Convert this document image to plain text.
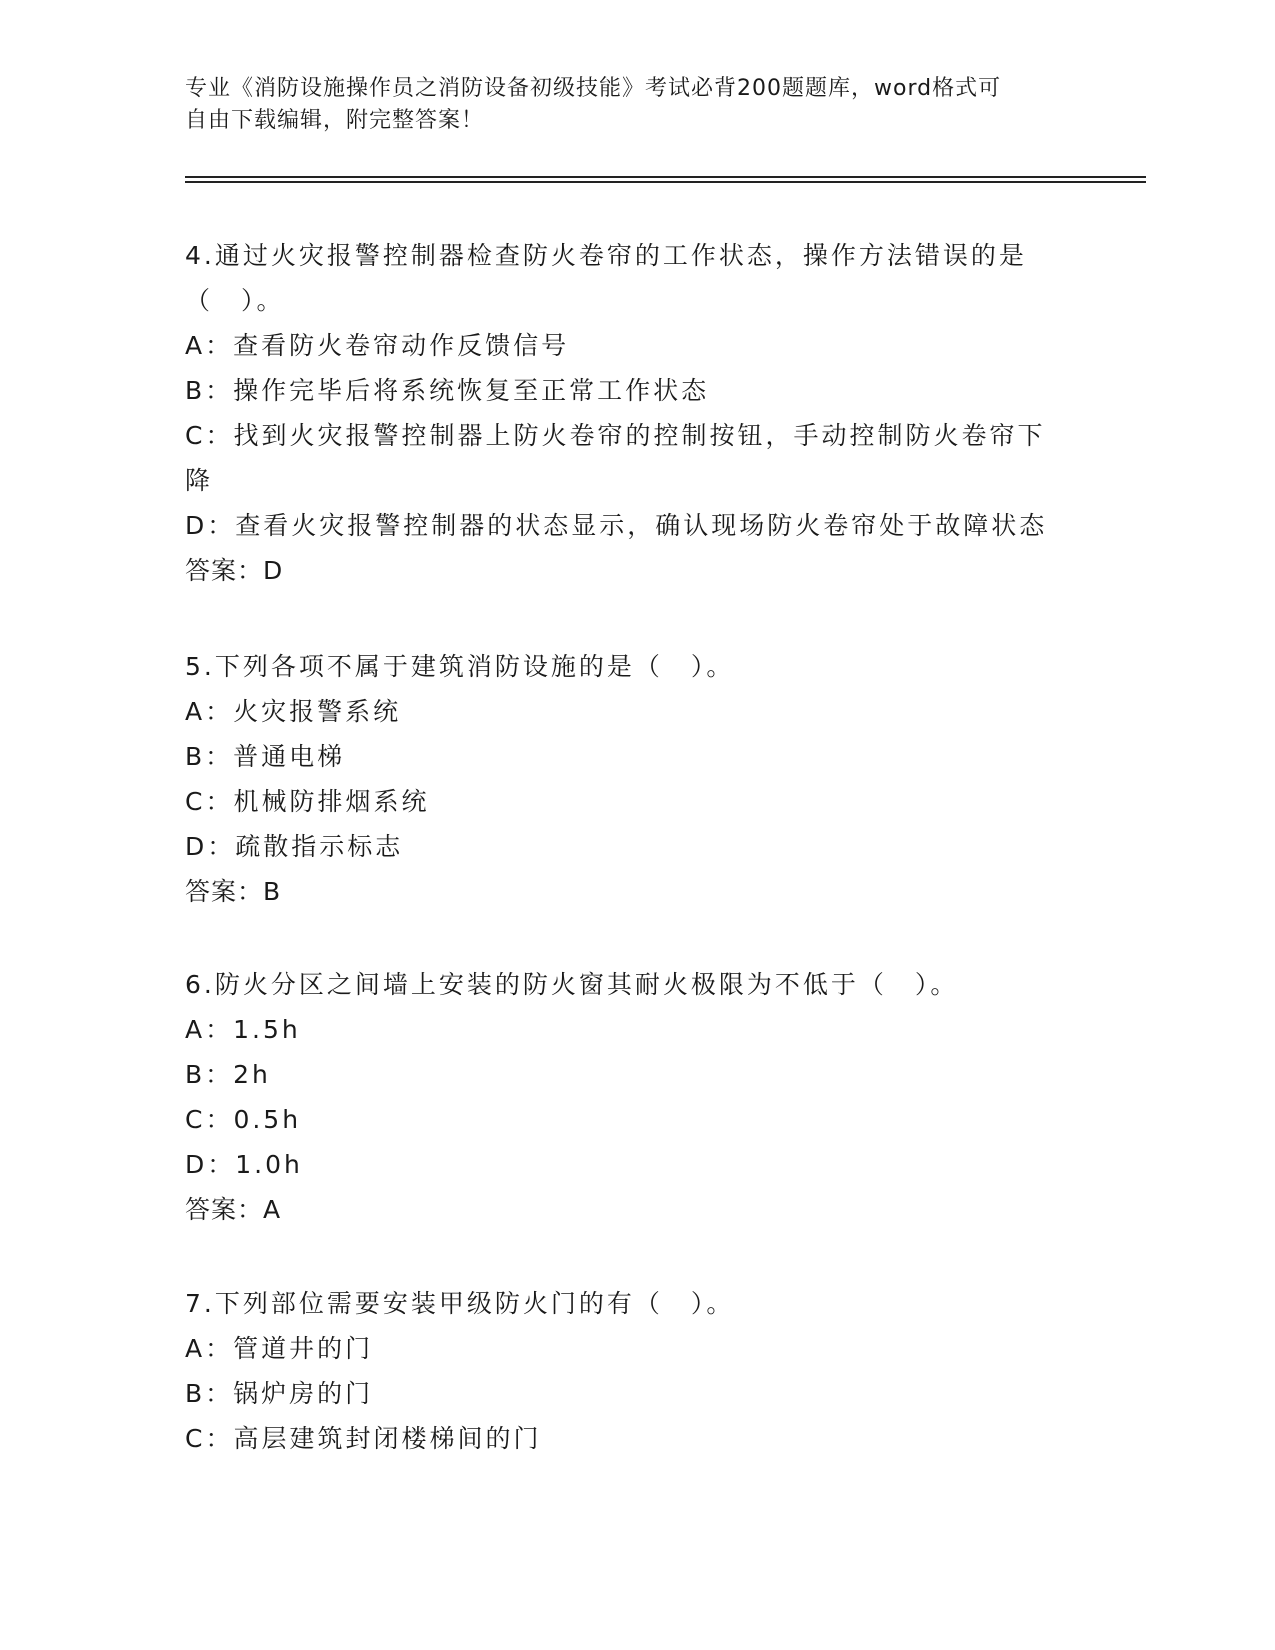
专业《消防设施操作员之消防设备初级技能》考试必背200题题库，word格式可
自由下载编辑，附完整答案！
4.通过火灾报警控制器检查防火卷帘的工作状态，操作方法错误的是
（　）。
A：查看防火卷帘动作反馈信号
B：操作完毕后将系统恢复至正常工作状态
C：找到火灾报警控制器上防火卷帘的控制按钮，手动控制防火卷帘下
降
D：查看火灾报警控制器的状态显示，确认现场防火卷帘处于故障状态
答案：D
5.下列各项不属于建筑消防设施的是（　）。
A：火灾报警系统
B：普通电梯
C：机械防排烟系统
D：疏散指示标志
答案：B
6.防火分区之间墙上安装的防火窗其耐火极限为不低于（　）。
A：1.5h
B：2h
C：0.5h
D：1.0h
答案：A
7.下列部位需要安装甲级防火门的有（　）。
A：管道井的门
B：锅炉房的门
C：高层建筑封闭楼梯间的门
